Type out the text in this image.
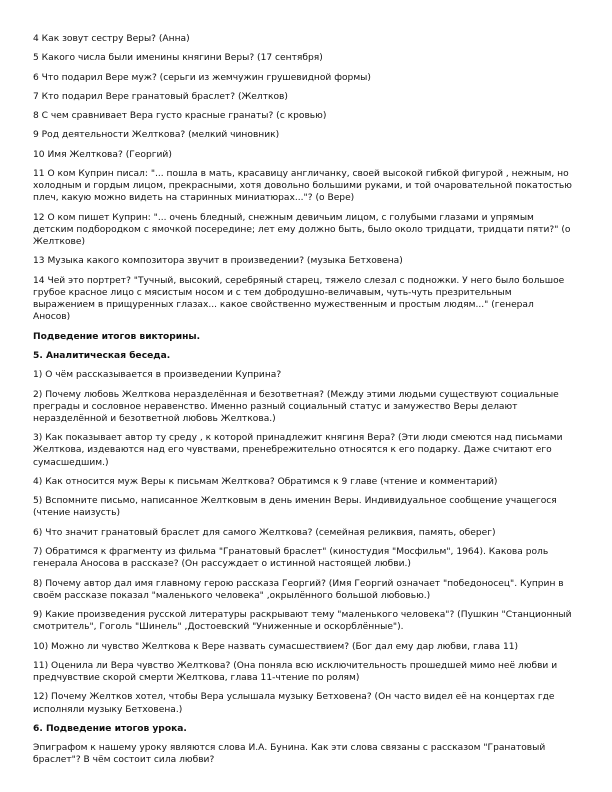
4 Как зовут сестру Веры? (Анна)

5 Какого числа были именины княгини Веры? (17 сентября)

6 Что подарил Вере муж? (серьги из жемчужин грушевидной формы)

7 Кто подарил Вере гранатовый браслет? (Желтков)

8 С чем сравнивает Вера густо красные гранаты? (с кровью)

9 Род деятельности Желткова? (мелкий чиновник)

10 Имя Желткова? (Георгий)

11 О ком Куприн писал: "... пошла в мать, красавицу англичанку, своей высокой гибкой фигурой , нежным, но холодным и гордым лицом, прекрасными, хотя довольно большими руками, и той очаровательной покатостью плеч, какую можно видеть на старинных миниатюрах..."? (о Вере)

12 О ком пишет Куприн: "... очень бледный, снежным девичьим лицом, с голубыми глазами и упрямым детским подбородком с ямочкой посередине; лет ему должно быть, было около тридцати, тридцати пяти?" (о Желткове)

13 Музыка какого композитора звучит в произведении? (музыка Бетховена)

14 Чей это портрет? "Тучный, высокий, серебряный старец, тяжело слезал с подножки. У него было большое грубое красное лицо с мясистым носом и с тем добродушно-величавым, чуть-чуть презрительным выражением в прищуренных глазах... какое свойственно мужественным и простым людям..." (генерал Аносов)

Подведение итогов викторины.

5. Аналитическая беседа.

1) О чём рассказывается в произведении Куприна?

2) Почему любовь Желткова неразделённая и безответная? (Между этими людьми существуют социальные преграды и сословное неравенство. Именно разный социальный статус и замужество Веры делают неразделённой и безответной любовь Желткова.)

3) Как показывает автор ту среду , к которой принадлежит княгиня Вера? (Эти люди смеются над письмами Желткова, издеваются над его чувствами, пренебрежительно относятся к его подарку. Даже считают его сумасшедшим.)

4) Как относится муж Веры к письмам Желткова? Обратимся к 9 главе (чтение и комментарий)

5) Вспомните письмо, написанное Желтковым в день именин Веры. Индивидуальное сообщение учащегося (чтение наизусть)

6) Что значит гранатовый браслет для самого Желткова? (семейная реликвия, память, оберег)

7) Обратимся к фрагменту из фильма "Гранатовый браслет" (киностудия "Мосфильм", 1964). Какова роль генерала Аносова в рассказе? (Он рассуждает о истинной настоящей любви.)

8) Почему автор дал имя главному герою рассказа Георгий? (Имя Георгий означает "победоносец". Куприн в своём рассказе показал "маленького человека" ,окрылённого большой любовью.)

9) Какие произведения русской литературы раскрывают тему "маленького человека"? (Пушкин "Станционный смотритель", Гоголь "Шинель" ,Достоевский "Униженные и оскорблённые").

10) Можно ли чувство Желткова к Вере назвать сумасшествием? (Бог дал ему дар любви, глава 11)

11) Оценила ли Вера чувство Желткова? (Она поняла всю исключительность прошедшей мимо неё любви и предчувствие скорой смерти Желткова, глава 11-чтение по ролям)

12) Почему Желтков хотел, чтобы Вера услышала музыку Бетховена? (Он часто видел её на концертах где исполняли музыку Бетховена.)

6. Подведение итогов урока.

Эпиграфом к нашему уроку являются слова И.А. Бунина. Как эти слова связаны с рассказом "Гранатовый браслет"? В чём состоит сила любви?
